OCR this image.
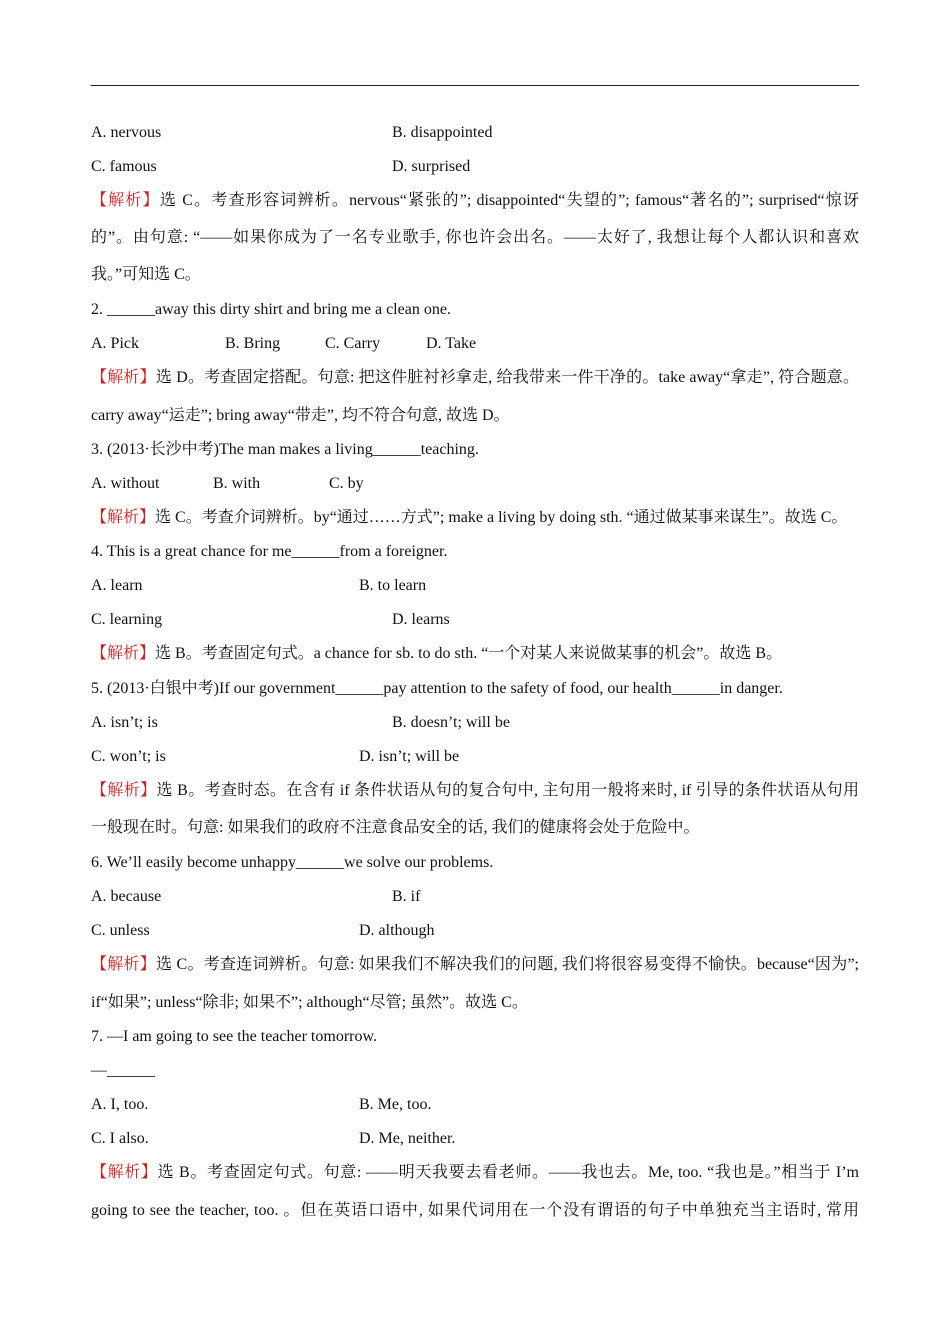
A. nervous	B. disappointed
C. famous	D. surprised
【解析】选 C。考查形容词辨析。nervous“紧张的”; disappointed“失望的”; famous“著名的”; surprised“惊讶
的”。由句意: “——如果你成为了一名专业歌手, 你也许会出名。——太好了, 我想让每个人都认识和喜欢
我。”可知选 C。
2. ______away this dirty shirt and bring me a clean one.
A. Pick	B. Bring	C. Carry	D. Take
【解析】选 D。考查固定搭配。句意: 把这件脏衬衫拿走, 给我带来一件干净的。take away“拿走”, 符合题意。
carry away“运走”; bring away“带走”, 均不符合句意, 故选 D。
3. (2013·长沙中考)The man makes a living______teaching.
A. without	B. with	C. by
【解析】选 C。考查介词辨析。by“通过……方式”; make a living by doing sth. “通过做某事来谋生”。故选 C。
4. This is a great chance for me______from a foreigner.
A. learn	B. to learn
C. learning	D. learns
【解析】选 B。考查固定句式。a chance for sb. to do sth. “一个对某人来说做某事的机会”。故选 B。
5. (2013·白银中考)If our government______pay attention to the safety of food, our health______in danger.
A. isn’t; is	B. doesn’t; will be
C. won’t; is	D. isn’t; will be
【解析】选 B。考查时态。在含有 if 条件状语从句的复合句中, 主句用一般将来时, if 引导的条件状语从句用
一般现在时。句意: 如果我们的政府不注意食品安全的话, 我们的健康将会处于危险中。
6. We’ll easily become unhappy______we solve our problems.
A. because	B. if
C. unless	D. although
【解析】选 C。考查连词辨析。句意: 如果我们不解决我们的问题, 我们将很容易变得不愉快。because“因为”;
if“如果”; unless“除非; 如果不”; although“尽管; 虽然”。故选 C。
7. —I am going to see the teacher tomorrow.
—______
A. I, too.	B. Me, too.
C. I also.	D. Me, neither.
【解析】选 B。考查固定句式。句意: ——明天我要去看老师。——我也去。Me, too. “我也是。”相当于 I’m
going to see the teacher, too. 。但在英语口语中, 如果代词用在一个没有谓语的句子中单独充当主语时, 常用
